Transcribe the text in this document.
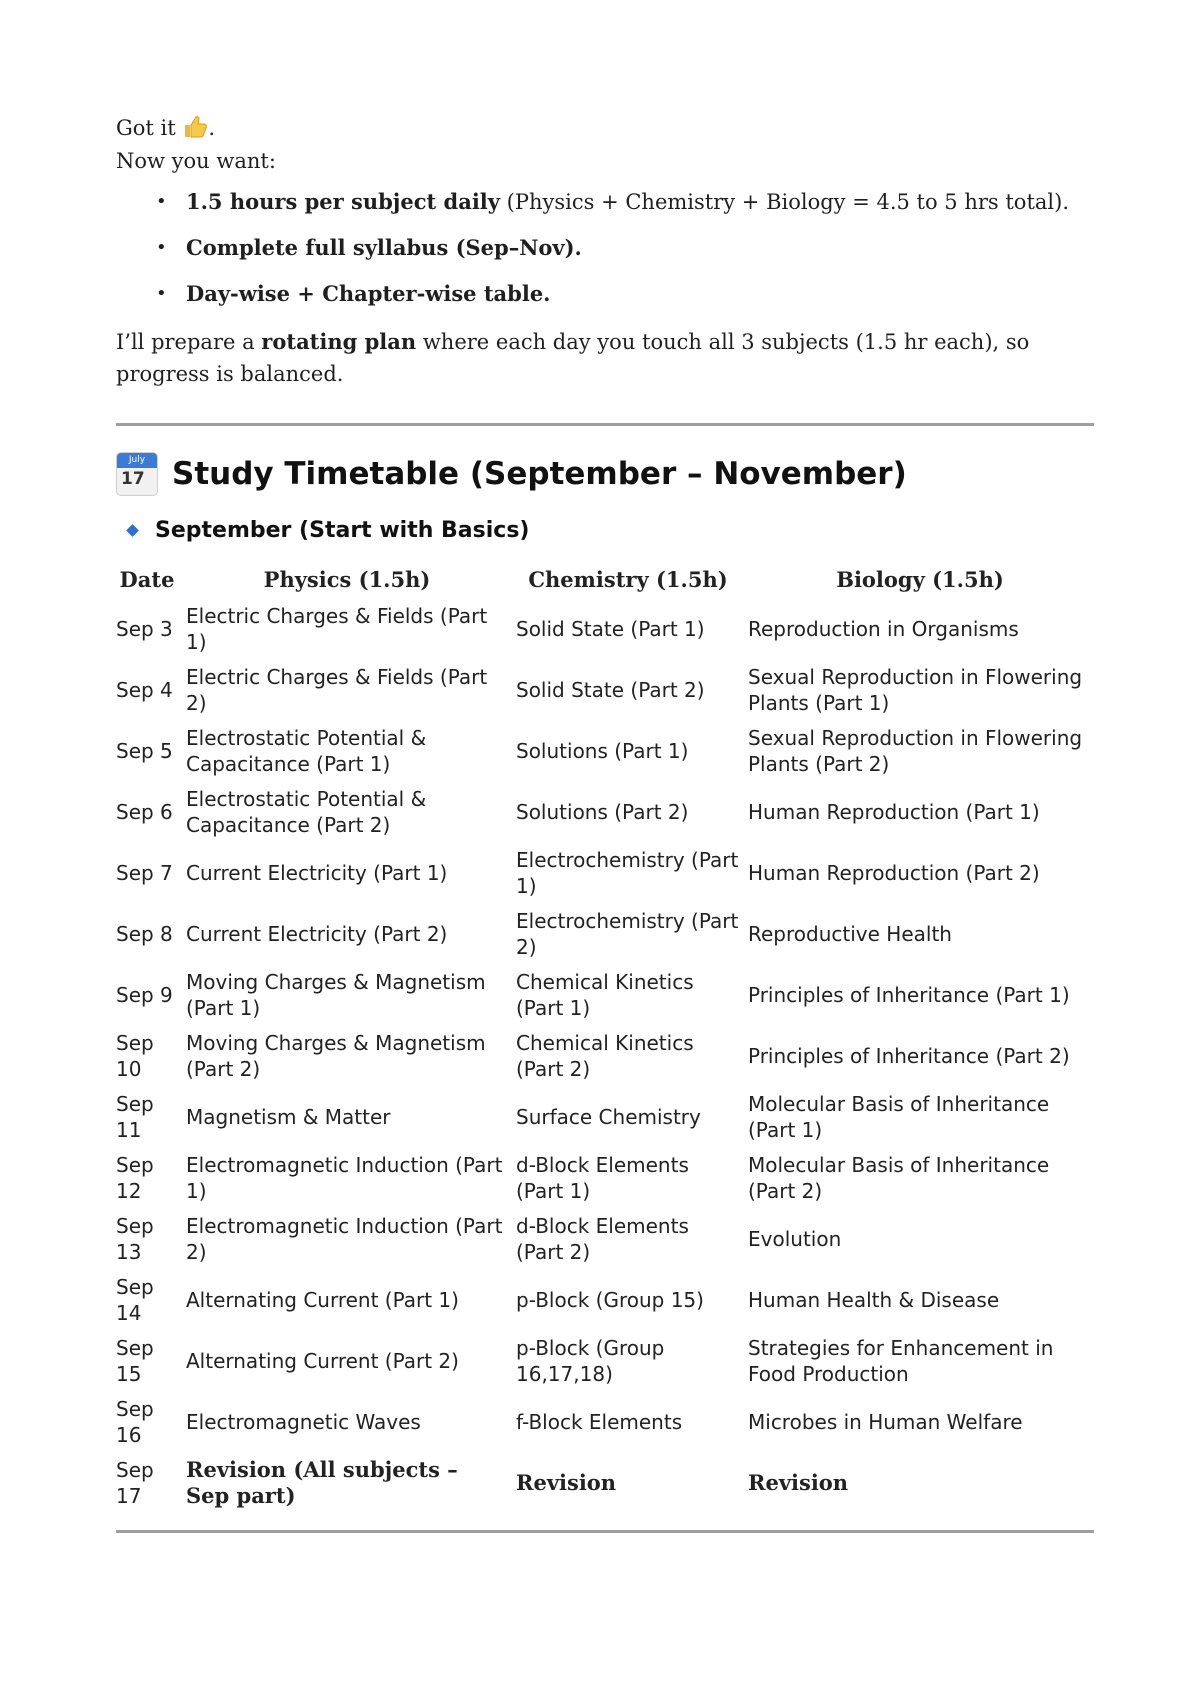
Got it .

Now you want:

• 1.5 hours per subject daily (Physics + Chemistry + Biology = 4.5 to 5 hrs total).
• Complete full syllabus (Sep–Nov).
• Day-wise + Chapter-wise table.

I’ll prepare a rotating plan where each day you touch all 3 subjects (1.5 hr each), so progress is balanced.

July
17 Study Timetable (September – November)
September (Start with Basics)
Date	Physics (1.5h)	Chemistry (1.5h)	Biology (1.5h)
Sep 3	Electric Charges & Fields (Part 1)	Solid State (Part 1)	Reproduction in Organisms
Sep 4	Electric Charges & Fields (Part 2)	Solid State (Part 2)	Sexual Reproduction in Flowering Plants (Part 1)
Sep 5	Electrostatic Potential & Capacitance (Part 1)	Solutions (Part 1)	Sexual Reproduction in Flowering Plants (Part 2)
Sep 6	Electrostatic Potential & Capacitance (Part 2)	Solutions (Part 2)	Human Reproduction (Part 1)
Sep 7	Current Electricity (Part 1)	Electrochemistry (Part 1)	Human Reproduction (Part 2)
Sep 8	Current Electricity (Part 2)	Electrochemistry (Part 2)	Reproductive Health
Sep 9	Moving Charges & Magnetism (Part 1)	Chemical Kinetics (Part 1)	Principles of Inheritance (Part 1)
Sep 10	Moving Charges & Magnetism (Part 2)	Chemical Kinetics (Part 2)	Principles of Inheritance (Part 2)
Sep 11	Magnetism & Matter	Surface Chemistry	Molecular Basis of Inheritance (Part 1)
Sep 12	Electromagnetic Induction (Part 1)	d-Block Elements (Part 1)	Molecular Basis of Inheritance (Part 2)
Sep 13	Electromagnetic Induction (Part 2)	d-Block Elements (Part 2)	Evolution
Sep 14	Alternating Current (Part 1)	p-Block (Group 15)	Human Health & Disease
Sep 15	Alternating Current (Part 2)	p-Block (Group 16,17,18)	Strategies for Enhancement in Food Production
Sep 16	Electromagnetic Waves	f-Block Elements	Microbes in Human Welfare
Sep 17	Revision (All subjects – Sep part)	Revision	Revision
